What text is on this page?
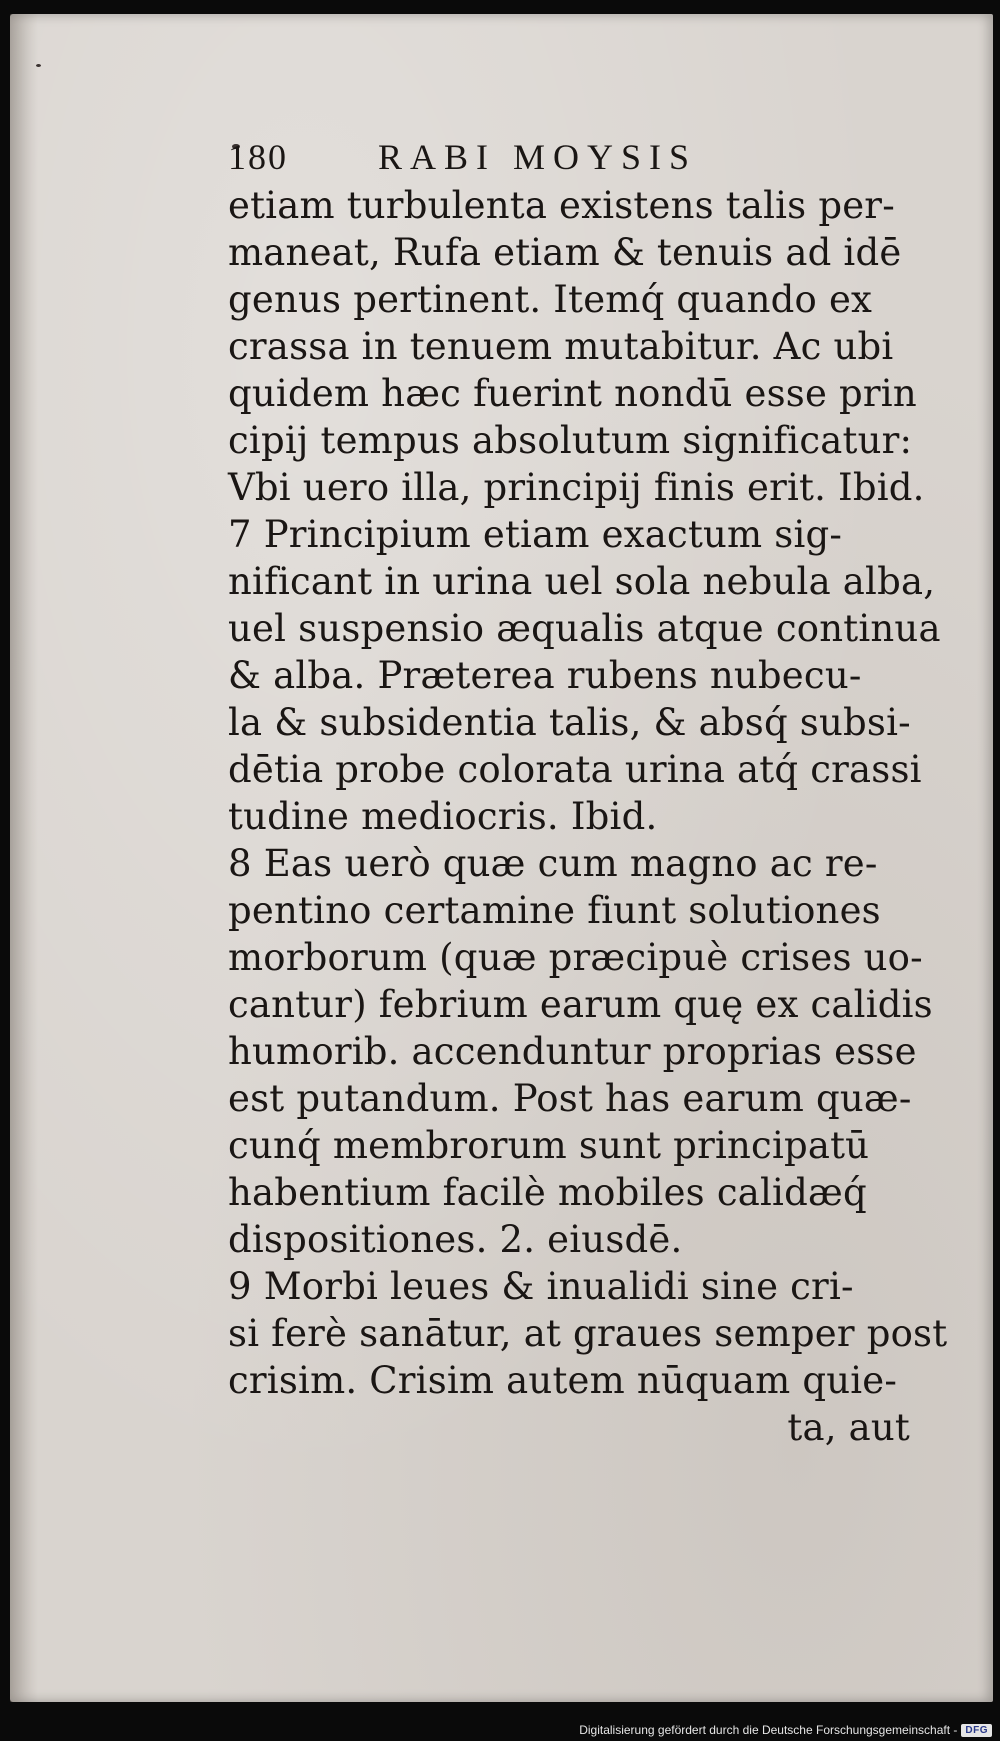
180	RABI MOYSIS
etiam turbulenta existens talis per-
maneat, Rufa etiam & tenuis ad idē
genus pertinent. Itemq́ quando ex
crassa in tenuem mutabitur. Ac ubi
quidem hæc fuerint nondū esse prin
cipij tempus absolutum significatur:
Vbi uero illa, principij finis erit. Ibid.
7 Principium etiam exactum sig-
nificant in urina uel sola nebula alba,
uel suspensio æqualis atque continua
& alba. Præterea rubens nubecu-
la & subsidentia talis, & absq́ subsi-
dētia probe colorata urina atq́ crassi
tudine mediocris. Ibid.
8 Eas uerò quæ cum magno ac re-
pentino certamine fiunt solutiones
morborum (quæ præcipuè crises uo-
cantur) febrium earum quę ex calidis
humorib. accenduntur proprias esse
est putandum. Post has earum quæ-
cunq́ membrorum sunt principatū
habentium facilè mobiles calidæq́
dispositiones. 2. eiusdē.
9 Morbi leues & inualidi sine cri-
si ferè sanātur, at graues semper post
crisim. Crisim autem nūquam quie-
ta, aut
Digitalisierung gefördert durch die Deutsche Forschungsgemeinschaft - DFG
